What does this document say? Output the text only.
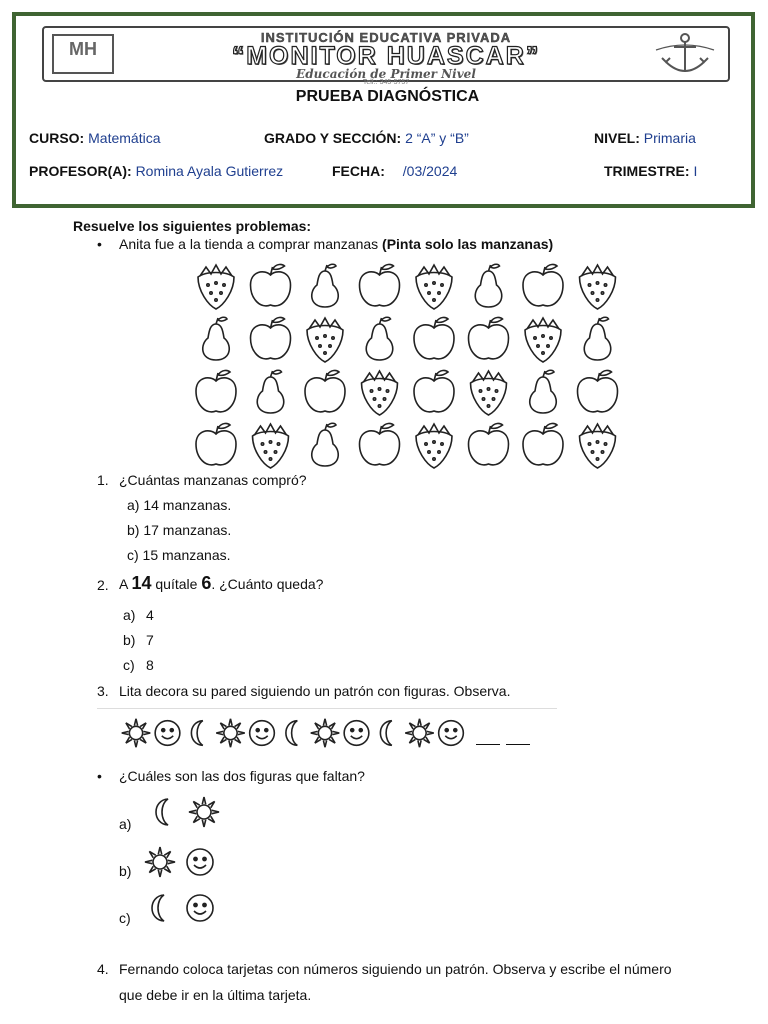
MH
INSTITUCIÓN EDUCATIVA PRIVADA
“MONITOR HUASCAR”
Educación de Primer Nivel
Telf.: 345-5757
PRUEBA DIAGNÓSTICA
CURSO: Matemática	GRADO Y SECCIÓN: 2 “A” y “B”	NIVEL: Primaria
PROFESOR(A): Romina Ayala Gutierrez	FECHA: /03/2024	TRIMESTRE: I
Resuelve los siguientes problemas:
• Anita fue a la tienda a comprar manzanas (Pinta solo las manzanas)
1. ¿Cuántas manzanas compró?
a) 14 manzanas.
b) 17 manzanas.
c) 15 manzanas.
2. A 14 quítale 6. ¿Cuánto queda?
a) 4
b) 7
c) 8
3. Lita decora su pared siguiendo un patrón con figuras. Observa.
• ¿Cuáles son las dos figuras que faltan?
a)
b)
c)
4. Fernando coloca tarjetas con números siguiendo un patrón. Observa y escribe el número
que debe ir en la última tarjeta.
